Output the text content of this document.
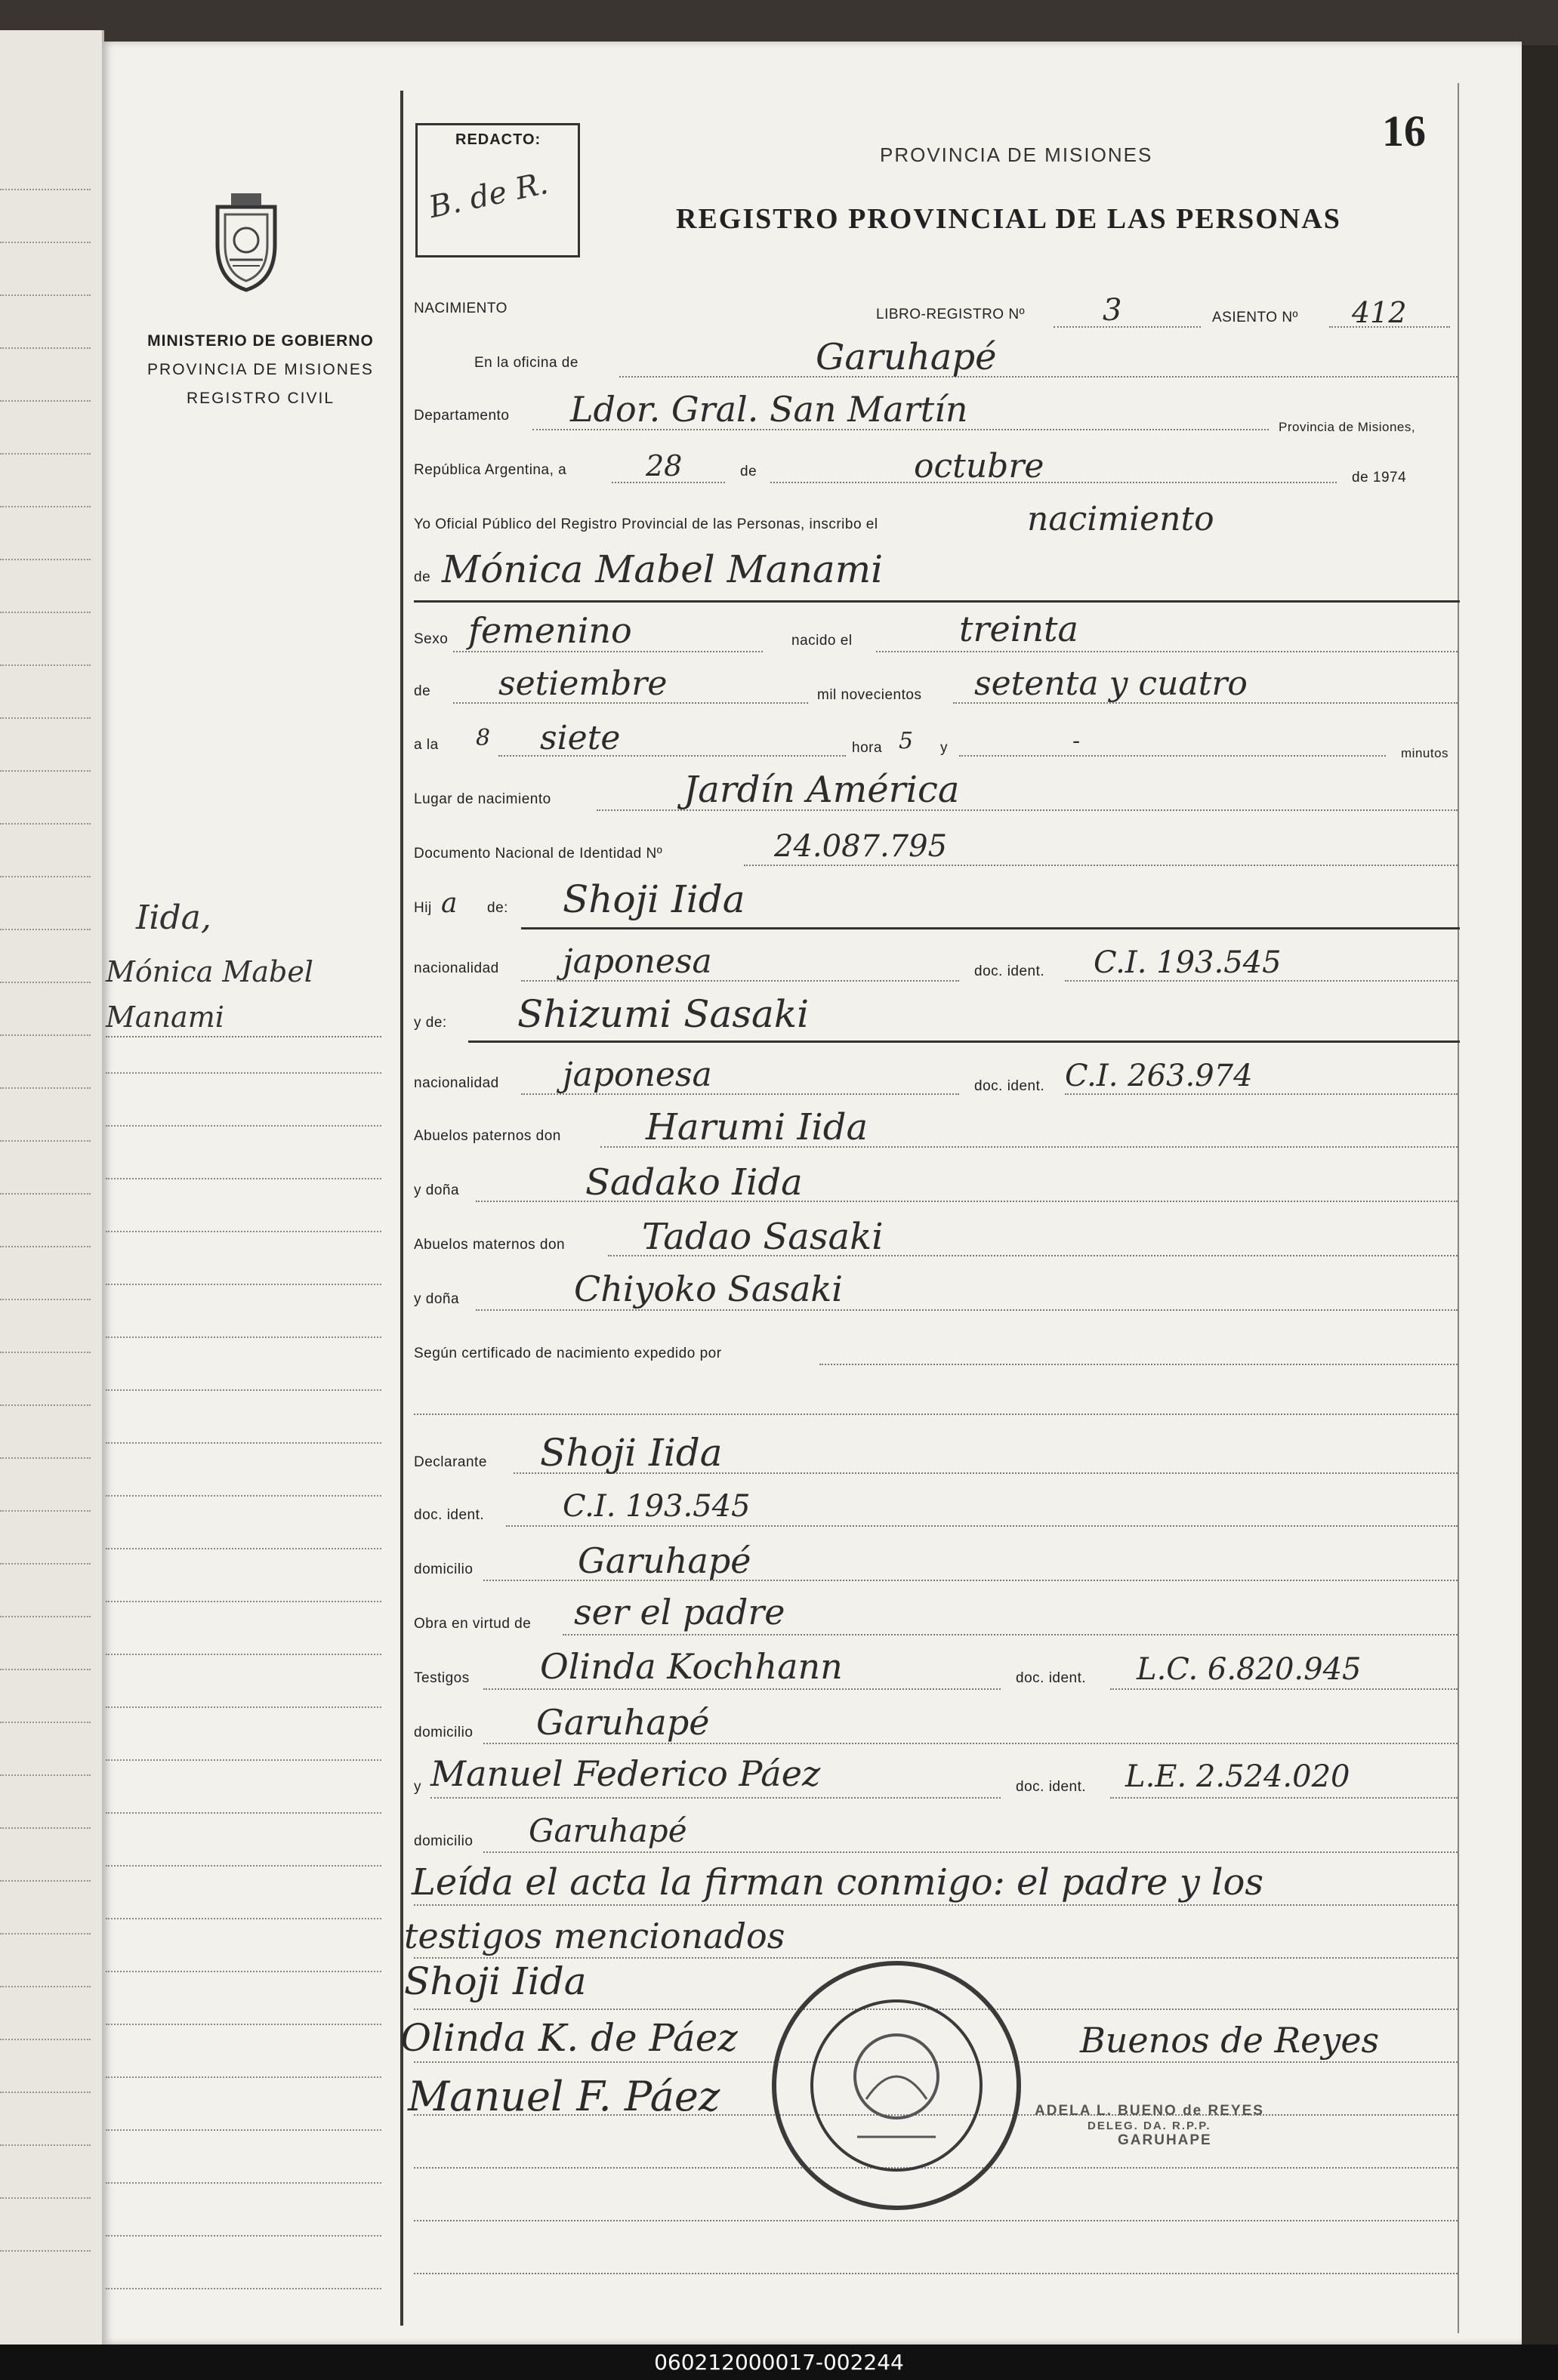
16
REDACTO:
B. de R.
PROVINCIA DE MISIONES
REGISTRO PROVINCIAL DE LAS PERSONAS
MINISTERIO DE GOBIERNO
PROVINCIA DE MISIONES
REGISTRO CIVIL
Iida,
Mónica Mabel
Manami
NACIMIENTO	LIBRO-REGISTRO Nº	3	ASIENTO Nº 412
En la oficina de	Garuhapé
Departamento Ldor. Gral. San Martín	Provincia de Misiones,
República Argentina, a	28	de	octubre	de 1974
Yo Oficial Público del Registro Provincial de las Personas, inscribo el	nacimiento
de Mónica Mabel Manami
Sexo femenino	nacido el	treinta
de setiembre	mil novecientos setenta y cuatro
a la 8 siete	hora 5 y	-	minutos
Lugar de nacimiento	Jardín América
Documento Nacional de Identidad Nº	24.087.795
Hij a de: Shoji Iida
nacionalidad japonesa	doc. ident. C.I. 193.545
y de: Shizumi Sasaki
nacionalidad japonesa	doc. ident. C.I. 263.974
Abuelos paternos don Harumi Iida
y doña	Sadako Iida
Abuelos maternos don Tadao Sasaki
y doña	Chiyoko Sasaki
Según certificado de nacimiento expedido por
Declarante Shoji Iida
doc. ident.	C.I. 193.545
domicilio	Garuhapé
Obra en virtud de ser el padre
Testigos Olinda Kochhann	doc. ident. L.C. 6.820.945
domicilio Garuhapé
y Manuel Federico Páez	doc. ident. L.E. 2.524.020
domicilio Garuhapé
Leída el acta la firman conmigo: el padre y los
testigos mencionados
Shoji Iida
Olinda K. de Páez
Manuel F. Páez
Buenos de Reyes
ADELA L. BUENO de REYES
DELEG. DA. R.P.P.
GARUHAPE
060212000017-002244
